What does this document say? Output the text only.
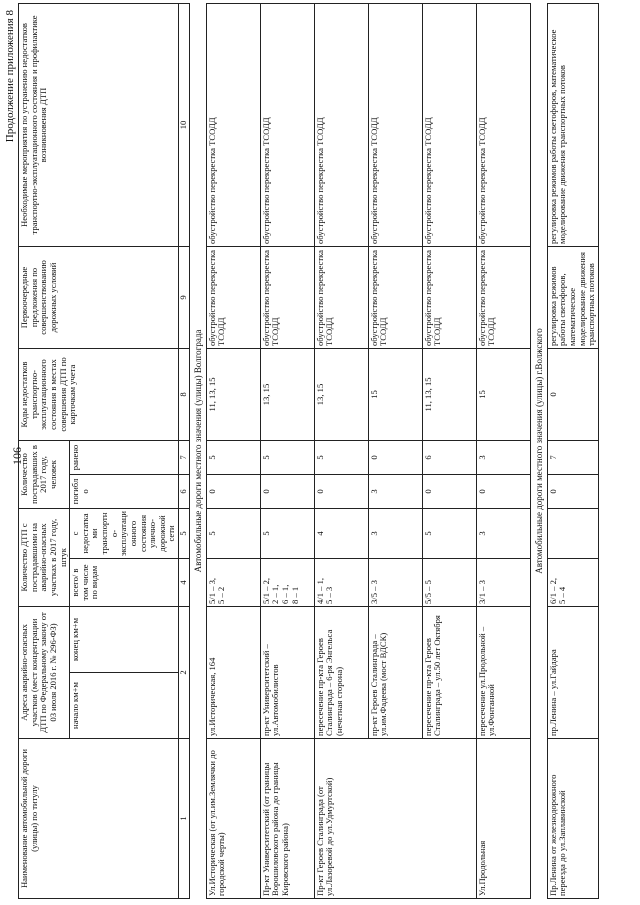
106
Продолжение приложения 8
Наименование автомобильной дороги (улицы) по титулу	Адреса аварийно-опасных участков (мест концентрации ДТП по Федеральному закону от 03 июля 2016 г. № 296-ФЗ)		Количество ДТП с пострадавшими на аварийно-опасных участках в 2017 году, штук		Количество пострадавших в 2017 году, человек		Коды недостатков транспортно-эксплуатационного состояния в местах совершения ДТП по карточкам учета	Первоочередные предложения по совершенствованию дорожных условий	Необходимые мероприятия по устранению недостатков транспортно-эксплуатационного состояния и профилактике возникновения ДТП
	начало км+м	конец км+м	всего/ в том числе по видам	с недостатками транспортно-эксплуатационного состояния улично-дорожной сети	погибло	ранено			
1	2		4	5	6	7	8	9	10
Автомобильные дороги местного значения (улицы) Волгограда									
Ул.Историческая (от ул.им.Землячки до городской черты)	ул.Историческая, 164		5/1 – 3,
5 – 2	5	0	5	11, 13, 15	обустройство перекрестка ТСОДД	обустройство перекрестка ТСОДД
Пр-кт Университетский (от границы Ворошиловского района до границы Кировского района)	пр-кт Университетский – ул.Автомобилистов		5/1 – 2,
2 – 1,
6 – 1,
8 – 1	5	0	5	13, 15	обустройство перекрестка ТСОДД	обустройство перекрестка ТСОДД
Пр-кт Героев Сталинграда (от ул.Лазоревой до ул.Удмуртской)	пересечение пр-кта Героев Сталинграда – 6-ря Энгельса (нечетная сторона)		4/1 – 1,
5 – 3	4	0	5	13, 15	обустройство перекрестка ТСОДД	обустройство перекрестка ТСОДД
	пр-кт Героев Сталинграда – ул.им.Фадеева (мост ВДСК)		3/5 – 3	3	3	0	15	обустройство перекрестка ТСОДД	обустройство перекрестка ТСОДД
	пересечение пр-кта Героев Сталинграда – ул.50 лет Октября		5/5 – 5	5	0	6	11, 13, 15	обустройство перекрестка ТСОДД	обустройство перекрестка ТСОДД
Ул.Продольная	пересечение ул.Продольной – ул.Фонтанной		3/1 – 3	3	0	3	15	обустройство перекрестка ТСОДД	обустройство перекрестка ТСОДД
Автомобильные дороги местного значения (улицы) г.Волжского									
Пр.Ленина от железнодорожного переезда до ул.Заплавинской	пр.Ленина – ул.Гайдара		6/1 – 2,
5 – 4		0	7	0	регулировка режимов работы светофоров, математическое моделирование движения транспортных потоков	регулировка режимов работы светофоров, математическое моделирование движения транспортных потоков
